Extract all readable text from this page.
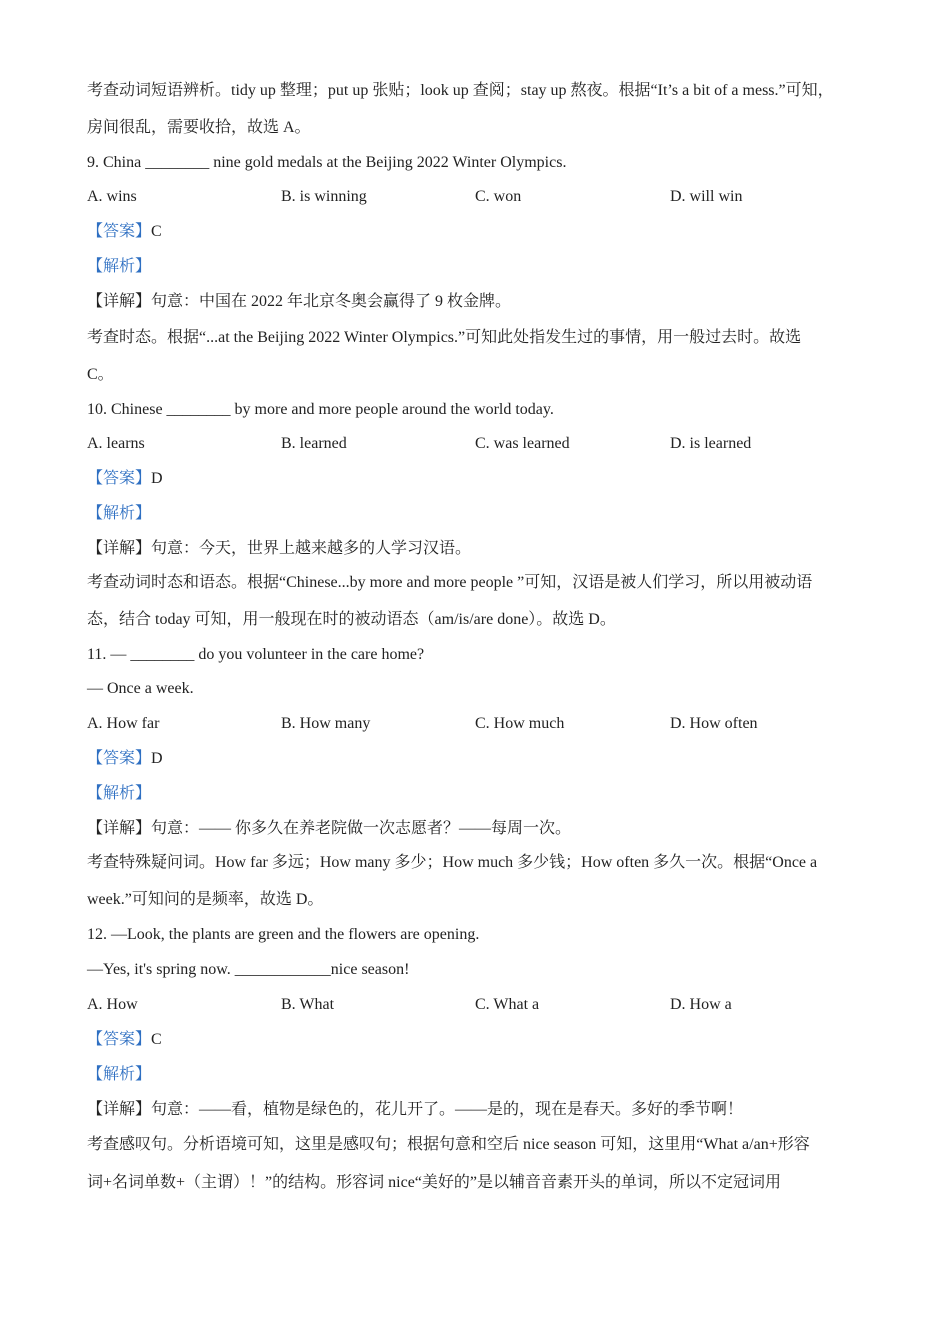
考查动词短语辨析。tidy up 整理；put up 张贴；look up 查阅；stay up 熬夜。根据“It’s a bit of a mess.”可知，
房间很乱，需要收拾，故选 A。
9. China ________ nine gold medals at the Beijing 2022 Winter Olympics.
A. wins	B. is winning	C. won	D. will win
【答案】C
【解析】
【详解】句意：中国在 2022 年北京冬奥会赢得了 9 枚金牌。
考查时态。根据“...at the Beijing 2022 Winter Olympics.”可知此处指发生过的事情，用一般过去时。故选
C。
10. Chinese ________ by more and more people around the world today.
A. learns	B. learned	C. was learned	D. is learned
【答案】D
【解析】
【详解】句意：今天，世界上越来越多的人学习汉语。
考查动词时态和语态。根据“Chinese...by more and more people ”可知，汉语是被人们学习，所以用被动语
态，结合 today 可知，用一般现在时的被动语态（am/is/are done）。故选 D。
11. — ________ do you volunteer in the care home?
— Once a week.
A. How far	B. How many	C. How much	D. How often
【答案】D
【解析】
【详解】句意：—— 你多久在养老院做一次志愿者？——每周一次。
考查特殊疑问词。How far 多远；How many 多少；How much 多少钱；How often 多久一次。根据“Once a
week.”可知问的是频率，故选 D。
12. —Look, the plants are green and the flowers are opening.
—Yes, it's spring now. ____________nice season!
A. How	B. What	C. What a	D. How a
【答案】C
【解析】
【详解】句意：——看，植物是绿色的，花儿开了。——是的，现在是春天。多好的季节啊！
考查感叹句。分析语境可知，这里是感叹句；根据句意和空后 nice season 可知，这里用“What a/an+形容
词+名词单数+（主谓）！”的结构。形容词 nice“美好的”是以辅音音素开头的单词，所以不定冠词用
